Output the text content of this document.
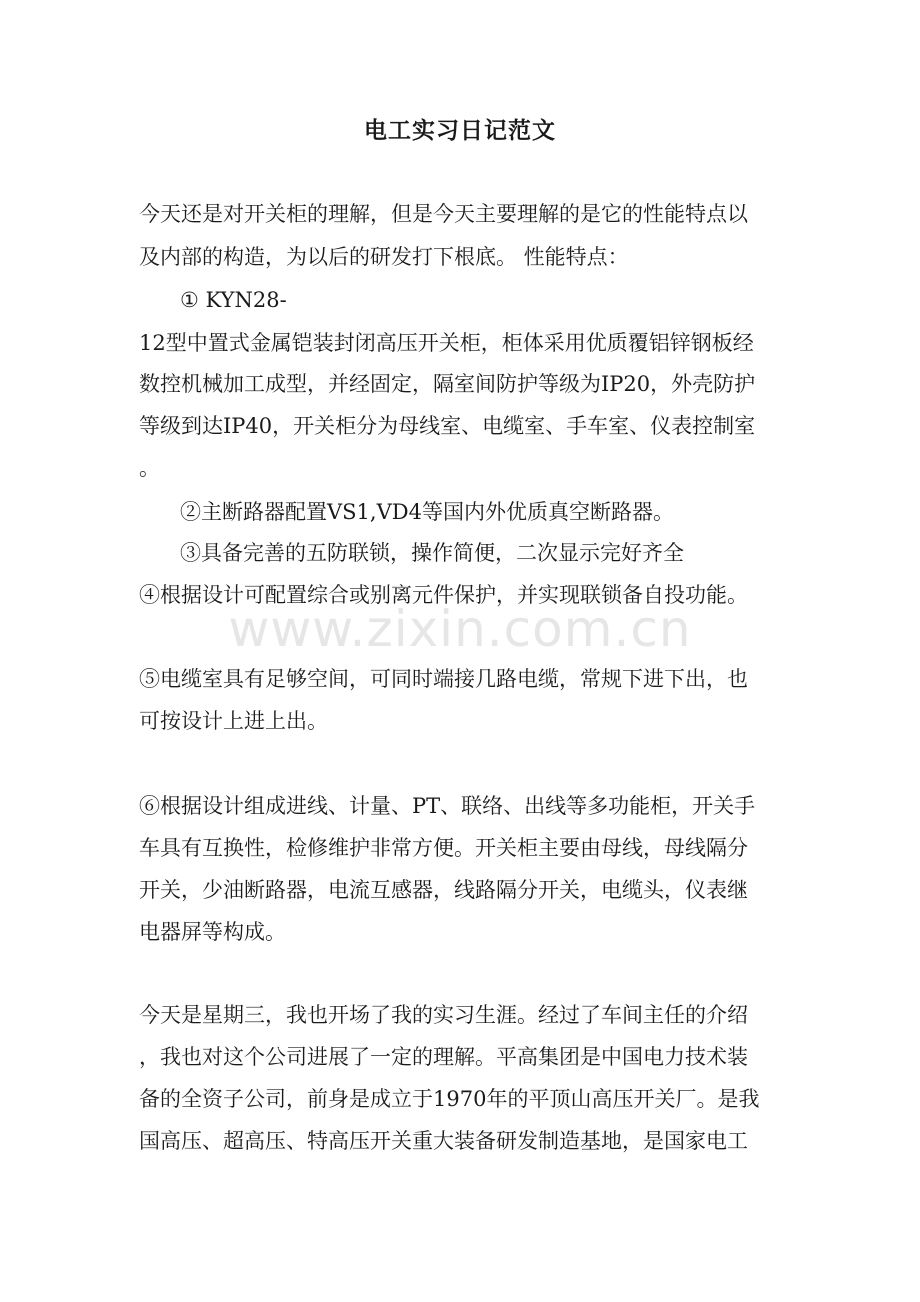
电工实习日记范文
今天还是对开关柜的理解，但是今天主要理解的是它的性能特点以
及内部的构造，为以后的研发打下根底。 性能特点：
① KYN28-
12型中置式金属铠装封闭高压开关柜，柜体采用优质覆铝锌钢板经
数控机械加工成型，并经固定，隔室间防护等级为IP20，外壳防护
等级到达IP40，开关柜分为母线室、电缆室、手车室、仪表控制室
。
②主断路器配置VS1,VD4等国内外优质真空断路器。
③具备完善的五防联锁，操作简便，二次显示完好齐全
④根据设计可配置综合或别离元件保护，并实现联锁备自投功能。
www.zixin.com.cn
⑤电缆室具有足够空间，可同时端接几路电缆，常规下进下出，也
可按设计上进上出。
⑥根据设计组成进线、计量、PT、联络、出线等多功能柜，开关手
车具有互换性，检修维护非常方便。开关柜主要由母线，母线隔分
开关，少油断路器，电流互感器，线路隔分开关，电缆头，仪表继
电器屏等构成。
今天是星期三，我也开场了我的实习生涯。经过了车间主任的介绍
，我也对这个公司进展了一定的理解。平高集团是中国电力技术装
备的全资子公司，前身是成立于1970年的平顶山高压开关厂。是我
国高压、超高压、特高压开关重大装备研发制造基地，是国家电工
